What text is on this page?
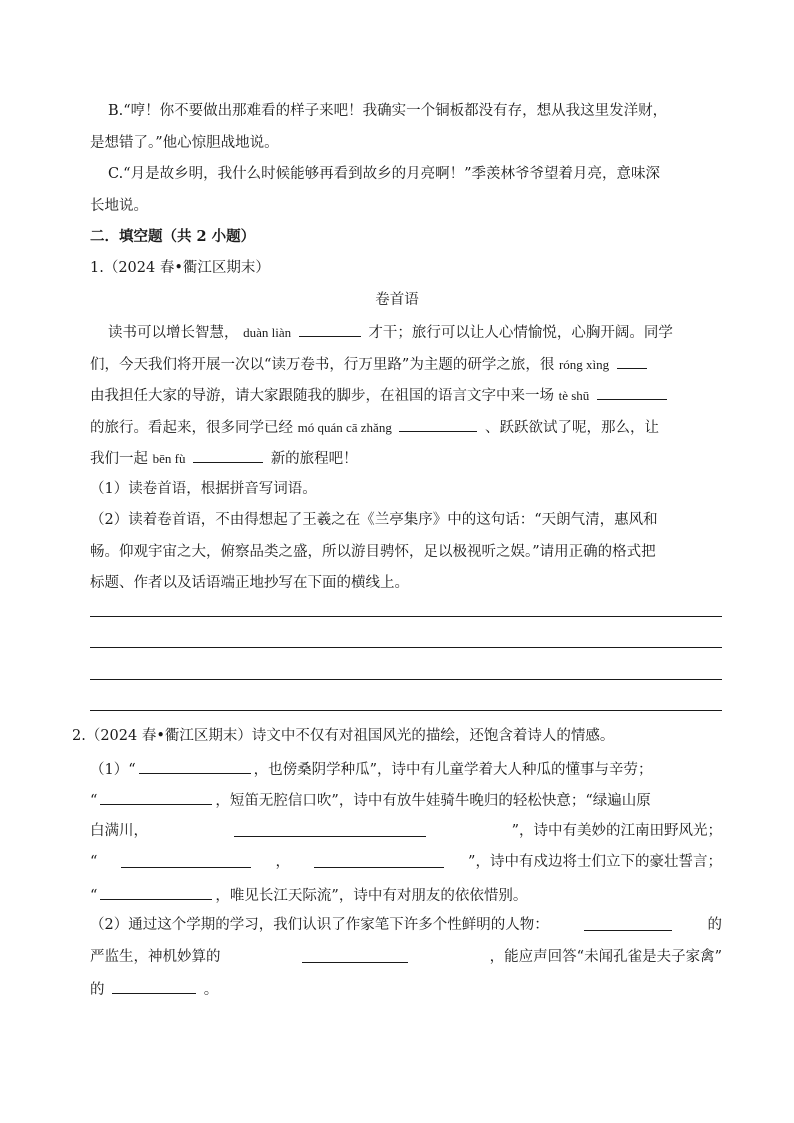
B.“哼！你不要做出那难看的样子来吧！我确实一个铜板都没有存，想从我这里发洋财，
是想错了。”他心惊胆战地说。
C.“月是故乡明，我什么时候能够再看到故乡的月亮啊！”季羡林爷爷望着月亮，意味深
长地说。
二．填空题（共 2 小题）
1.（2024 春•衢江区期末）
卷首语
读书可以增长智慧， duàn liàn	才干；旅行可以让人心情愉悦，心胸开阔。同学
们，今天我们将开展一次以“读万卷书，行万里路”为主题的研学之旅，很 róng xìng
由我担任大家的导游，请大家跟随我的脚步，在祖国的语言文字中来一场 tè shū
的旅行。看起来，很多同学已经 mó quán cā zhǎng	、跃跃欲试了呢，那么，让
我们一起 bēn fù	新的旅程吧！
（1）读卷首语，根据拼音写词语。
（2）读着卷首语，不由得想起了王羲之在《兰亭集序》中的这句话：“天朗气清，惠风和
畅。仰观宇宙之大，俯察品类之盛，所以游目骋怀，足以极视听之娱。”请用正确的格式把
标题、作者以及话语端正地抄写在下面的横线上。
2.（2024 春•衢江区期末）诗文中不仅有对祖国风光的描绘，还饱含着诗人的情感。
（1）“	，也傍桑阴学种瓜”，诗中有儿童学着大人种瓜的懂事与辛劳；
“	，短笛无腔信口吹”，诗中有放牛娃骑牛晚归的轻松快意；“绿遍山原
白满川，	”，诗中有美妙的江南田野风光；
“	，	”，诗中有戍边将士们立下的豪壮誓言；
“	，唯见长江天际流”，诗中有对朋友的依依惜别。
（2）通过这个学期的学习，我们认识了作家笔下许多个性鲜明的人物：	的
严监生，神机妙算的	，能应声回答“未闻孔雀是夫子家禽”
的	。
